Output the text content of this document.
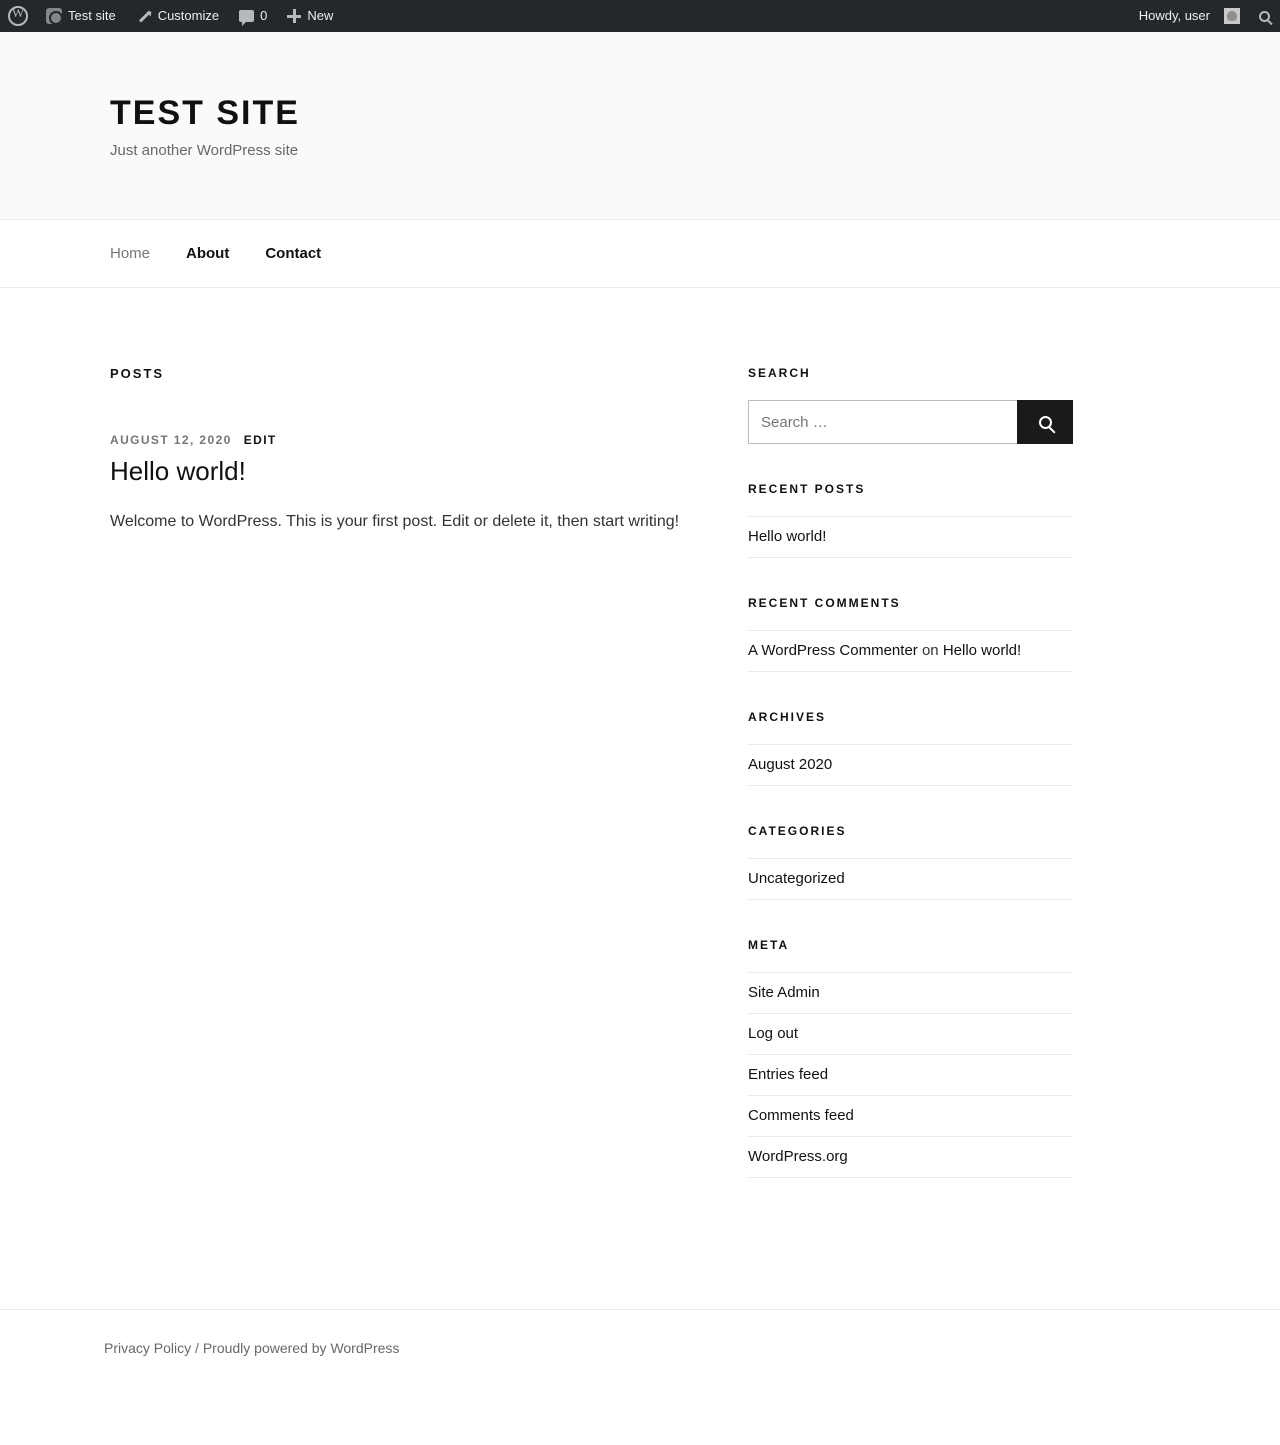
W
Test site	Customize	0	New	Howdy, user
TEST SITE

Just another WordPress site

Home About Contact
POSTS
AUGUST 12, 2020 EDIT
Hello world!

Welcome to WordPress. This is your first post. Edit or delete it, then start writing!

SEARCH
Search …
RECENT POSTS
Hello world!
RECENT COMMENTS
A WordPress Commenter on Hello world!
ARCHIVES
August 2020
CATEGORIES
Uncategorized
META
Site Admin
Log out
Entries feed
Comments feed
WordPress.org
Privacy Policy / Proudly powered by WordPress
